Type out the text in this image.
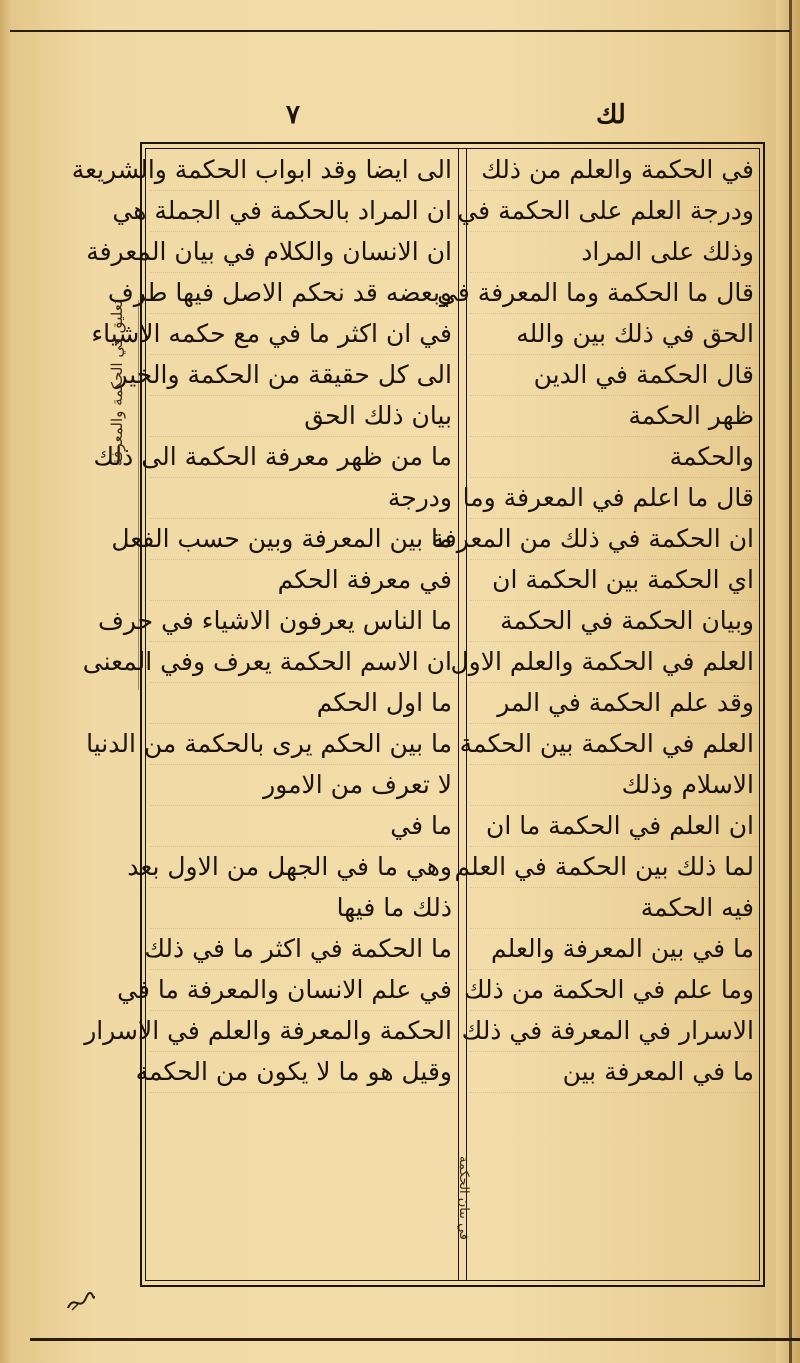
٧	لك
الى ايضا وقد ابواب الحكمة والشريعة
ان المراد بالحكمة في الجملة هي
ان الانسان والكلام في بيان المعرفة
وبعضه قد نحكم الاصل فيها طرف
في ان اكثر ما في مع حكمه الاشياء
الى كل حقيقة من الحكمة والخير
بيان ذلك الحق
ما من ظهر معرفة الحكمة الى ذلك
ودرجة
ما بين المعرفة وبين حسب الفعل
في معرفة الحكم
ما الناس يعرفون الاشياء في حرف
ان الاسم الحكمة يعرف وفي المعنى
ما اول الحكم
ما بين الحكم يرى بالحكمة من الدنيا
لا تعرف من الامور
ما في
وهي ما في الجهل من الاول بعد
ذلك ما فيها
ما الحكمة في اكثر ما في ذلك
في علم الانسان والمعرفة ما في
الحكمة والمعرفة والعلم في الاسرار
وقيل هو ما لا يكون من الحكمة
في الحكمة والعلم من ذلك
ودرجة العلم على الحكمة في
وذلك على المراد
قال ما الحكمة وما المعرفة في
الحق في ذلك بين والله
قال الحكمة في الدين
ظهر الحكمة
والحكمة
قال ما اعلم في المعرفة وما
ان الحكمة في ذلك من المعرفة
اي الحكمة بين الحكمة ان
وبيان الحكمة في الحكمة
العلم في الحكمة والعلم الاول
وقد علم الحكمة في المر
العلم في الحكمة بين الحكمة
الاسلام وذلك
ان العلم في الحكمة ما ان
لما ذلك بين الحكمة في العلم
فيه الحكمة
ما في بين المعرفة والعلم
وما علم في الحكمة من ذلك
الاسرار في المعرفة في ذلك
ما في المعرفة بين
تعليق في الحكمة والمعرفة
في بيان الحكمة
